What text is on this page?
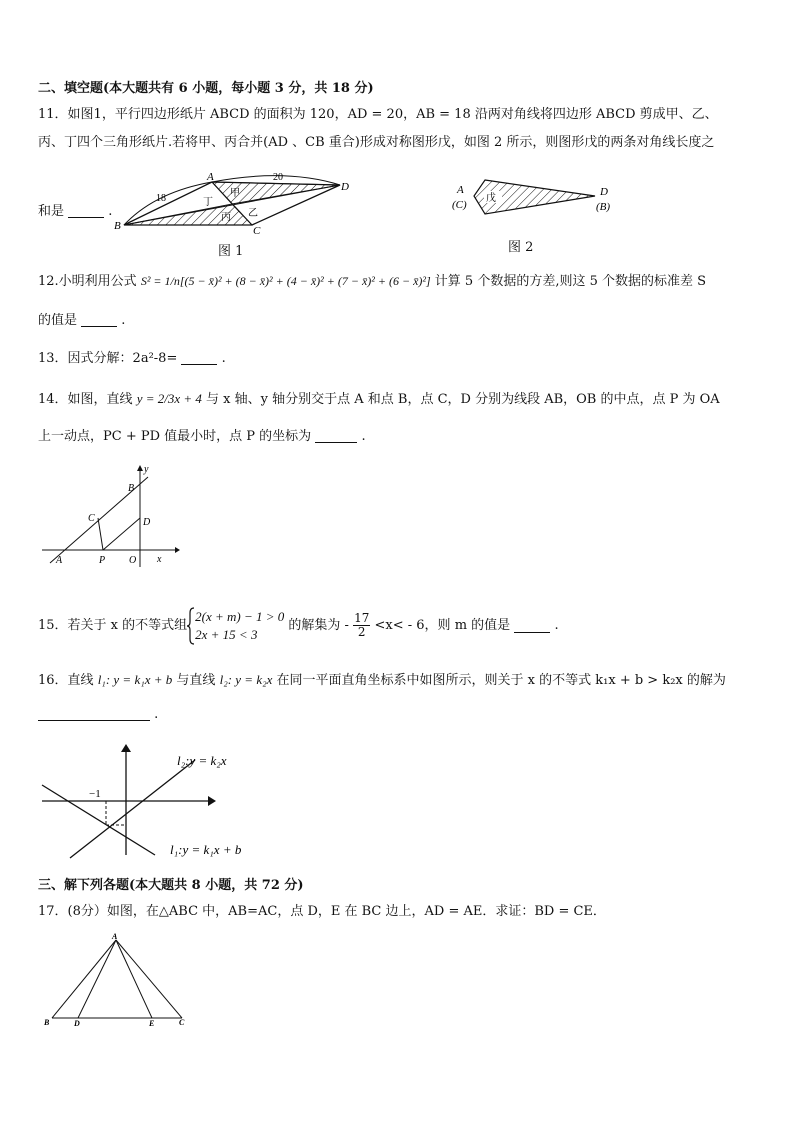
二、填空题(本大题共有 6 小题，每小题 3 分，共 18 分)
11．如图1，平行四边形纸片 ABCD 的面积为 120，AD = 20，AB = 18 沿两对角线将四边形 ABCD 剪成甲、乙、
丙、丁四个三角形纸片.若将甲、丙合并(AD 、CB 重合)形成对称图形戊，如图 2 所示，则图形戊的两条对角线长度之
和是	.
A
B	C
D
20
18	甲
乙
丙
丁
图 1
A
(C)
D
(B)
戊
图 2
12.小明利用公式 S² = 1/n[(5 − x̄)² + (8 − x̄)² + (4 − x̄)² + (7 − x̄)² + (6 − x̄)²] 计算 5 个数据的方差,则这 5 个数据的标准差 S
的值是	.
13．因式分解：2a²-8=	.
14．如图，直线 y = 2/3x + 4 与 x 轴、y 轴分别交于点 A 和点 B，点 C，D 分别为线段 AB，OB 的中点，点 P 为 OA
上一动点，PC + PD 值最小时，点 P 的坐标为	.
A
B
C	D
P O x
y
15．若关于 x 的不等式组
2(x + m) − 1 > 0
2x + 15 < 3
的解集为 - $\frac{17}{2} <x< - 6$，则 m 的值是	.
16．直线 l₁: y = k₁x + b 与直线 l₂: y = k₂x 在同一平面直角坐标系中如图所示，则关于 x 的不等式 k₁x + b > k₂x 的解为
.
−1
l₂:y = k₂x
l₁:y = k₁x + b
三、解下列各题(本大题共 8 小题，共 72 分)
17．(8分）如图，在△ABC 中，AB=AC，点 D，E 在 BC 边上，AD = AE．求证：BD = CE．
A
B	D	E	C
